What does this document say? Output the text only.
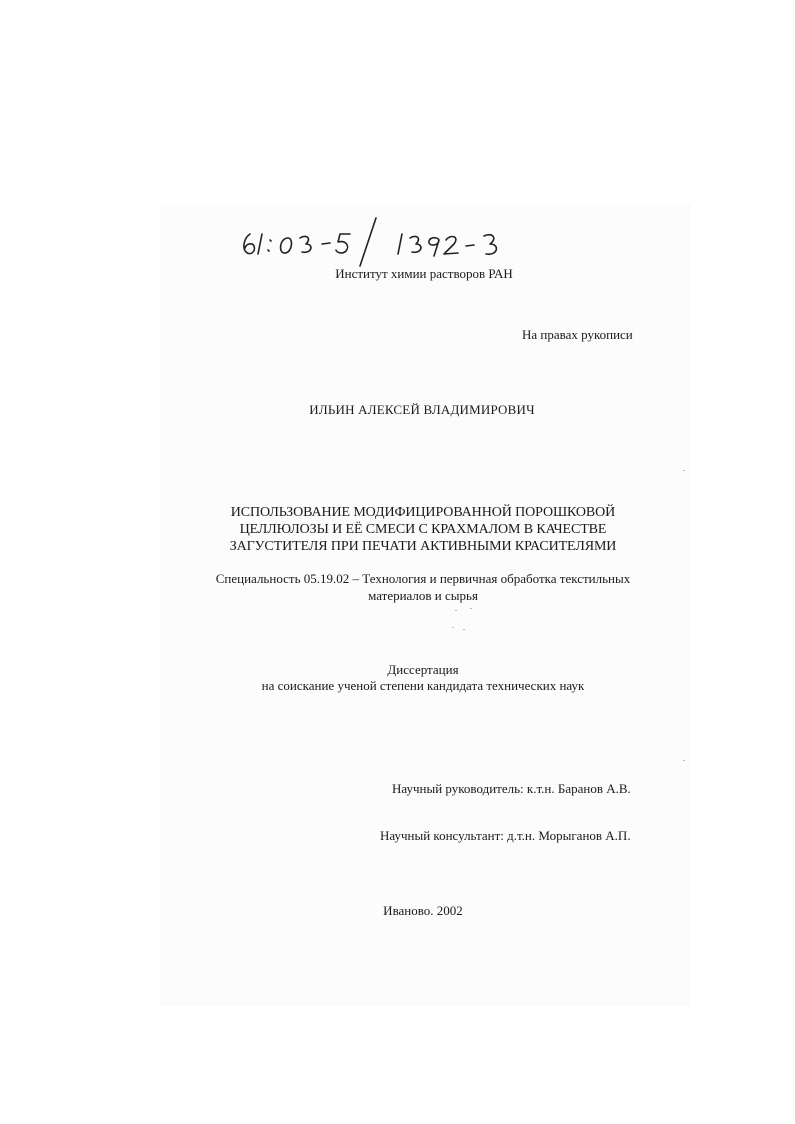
Институт химии растворов РАН
На правах рукописи
ИЛЬИН АЛЕКСЕЙ ВЛАДИМИРОВИЧ
ИСПОЛЬЗОВАНИЕ МОДИФИЦИРОВАННОЙ ПОРОШКОВОЙ
ЦЕЛЛЮЛОЗЫ И ЕЁ СМЕСИ С КРАХМАЛОМ В КАЧЕСТВЕ
ЗАГУСТИТЕЛЯ ПРИ ПЕЧАТИ АКТИВНЫМИ КРАСИТЕЛЯМИ
Специальность 05.19.02 – Технология и первичная обработка текстильных
материалов и сырья
Диссертация
на соискание ученой степени кандидата технических наук
Научный руководитель: к.т.н. Баранов А.В.
Научный консультант: д.т.н. Морыганов А.П.
Иваново. 2002
